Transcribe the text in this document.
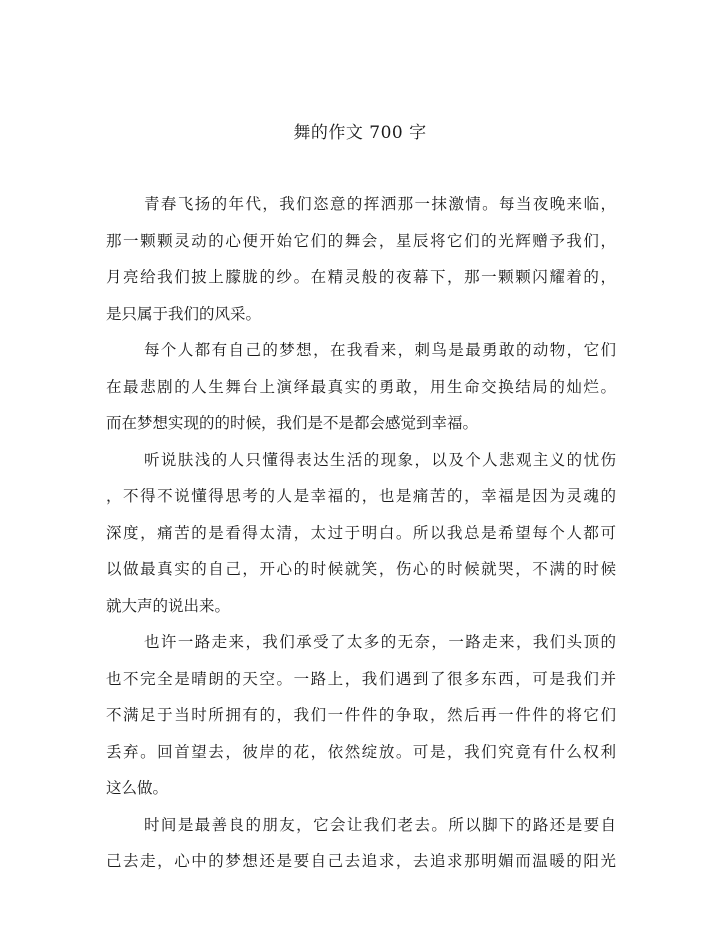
舞的作文 700 字
青春飞扬的年代，我们恣意的挥洒那一抹激情。每当夜晚来临，
那一颗颗灵动的心便开始它们的舞会，星辰将它们的光辉赠予我们，
月亮给我们披上朦胧的纱。在精灵般的夜幕下，那一颗颗闪耀着的，
是只属于我们的风采。
每个人都有自己的梦想，在我看来，刺鸟是最勇敢的动物，它们
在最悲剧的人生舞台上演绎最真实的勇敢，用生命交换结局的灿烂。
而在梦想实现的的时候，我们是不是都会感觉到幸福。
听说肤浅的人只懂得表达生活的现象，以及个人悲观主义的忧伤
，不得不说懂得思考的人是幸福的，也是痛苦的，幸福是因为灵魂的
深度，痛苦的是看得太清，太过于明白。所以我总是希望每个人都可
以做最真实的自己，开心的时候就笑，伤心的时候就哭，不满的时候
就大声的说出来。
也许一路走来，我们承受了太多的无奈，一路走来，我们头顶的
也不完全是晴朗的天空。一路上，我们遇到了很多东西，可是我们并
不满足于当时所拥有的，我们一件件的争取，然后再一件件的将它们
丢弃。回首望去，彼岸的花，依然绽放。可是，我们究竟有什么权利
这么做。
时间是最善良的朋友，它会让我们老去。所以脚下的路还是要自
己去走，心中的梦想还是要自己去追求，去追求那明媚而温暖的阳光
